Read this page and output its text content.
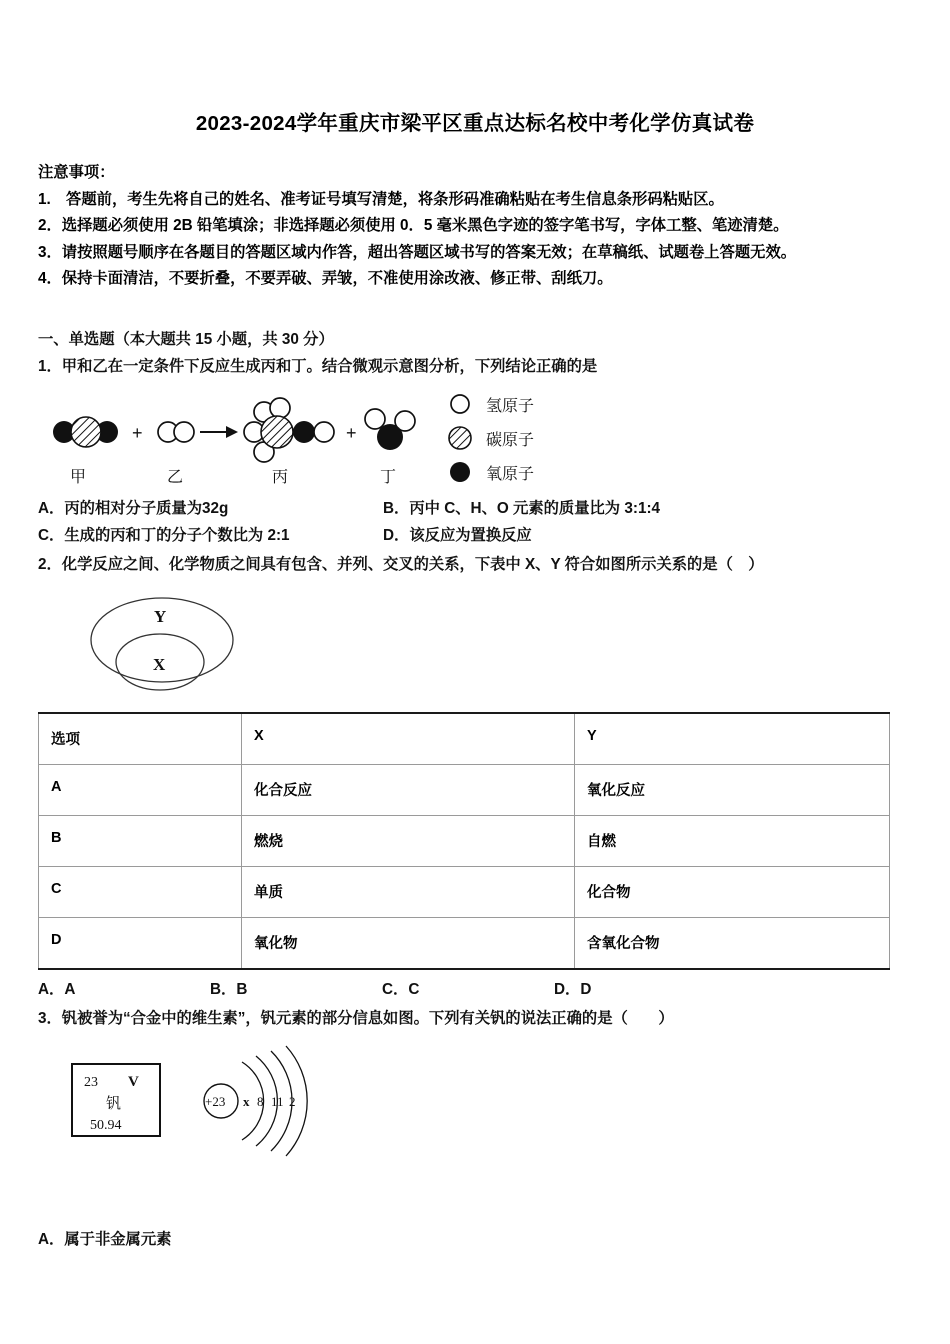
2023-2024学年重庆市梁平区重点达标名校中考化学仿真试卷
注意事项：
1.　答题前，考生先将自己的姓名、准考证号填写清楚，将条形码准确粘贴在考生信息条形码粘贴区。
2．选择题必须使用 2B 铅笔填涂；非选择题必须使用 0．5 毫米黑色字迹的签字笔书写，字体工整、笔迹清楚。
3．请按照题号顺序在各题目的答题区域内作答，超出答题区域书写的答案无效；在草稿纸、试题卷上答题无效。
4．保持卡面清洁，不要折叠，不要弄破、弄皱，不准使用涂改液、修正带、刮纸刀。
一、单选题（本大题共 15 小题，共 30 分）
1．甲和乙在一定条件下反应生成丙和丁。结合微观示意图分析，下列结论正确的是
甲
+
乙	丙
+
丁
氢原子
碳原子
氧原子
A．丙的相对分子质量为32g	B．丙中 C、H、O 元素的质量比为 3:1:4
C．生成的丙和丁的分子个数比为 2:1	D．该反应为置换反应
2．化学反应之间、化学物质之间具有包含、并列、交叉的关系，下表中 X、Y 符合如图所示关系的是（　）
Y
X
选项	X	Y
A	化合反应	氧化反应
B	燃烧	自燃
C	单质	化合物
D	氧化物	含氧化合物
A．A	B．B	C．C	D．D
3．钒被誉为“合金中的维生素”，钒元素的部分信息如图。下列有关钒的说法正确的是（　　）
23 V
钒
50.94
+23 x 8 11 2
A．属于非金属元素
